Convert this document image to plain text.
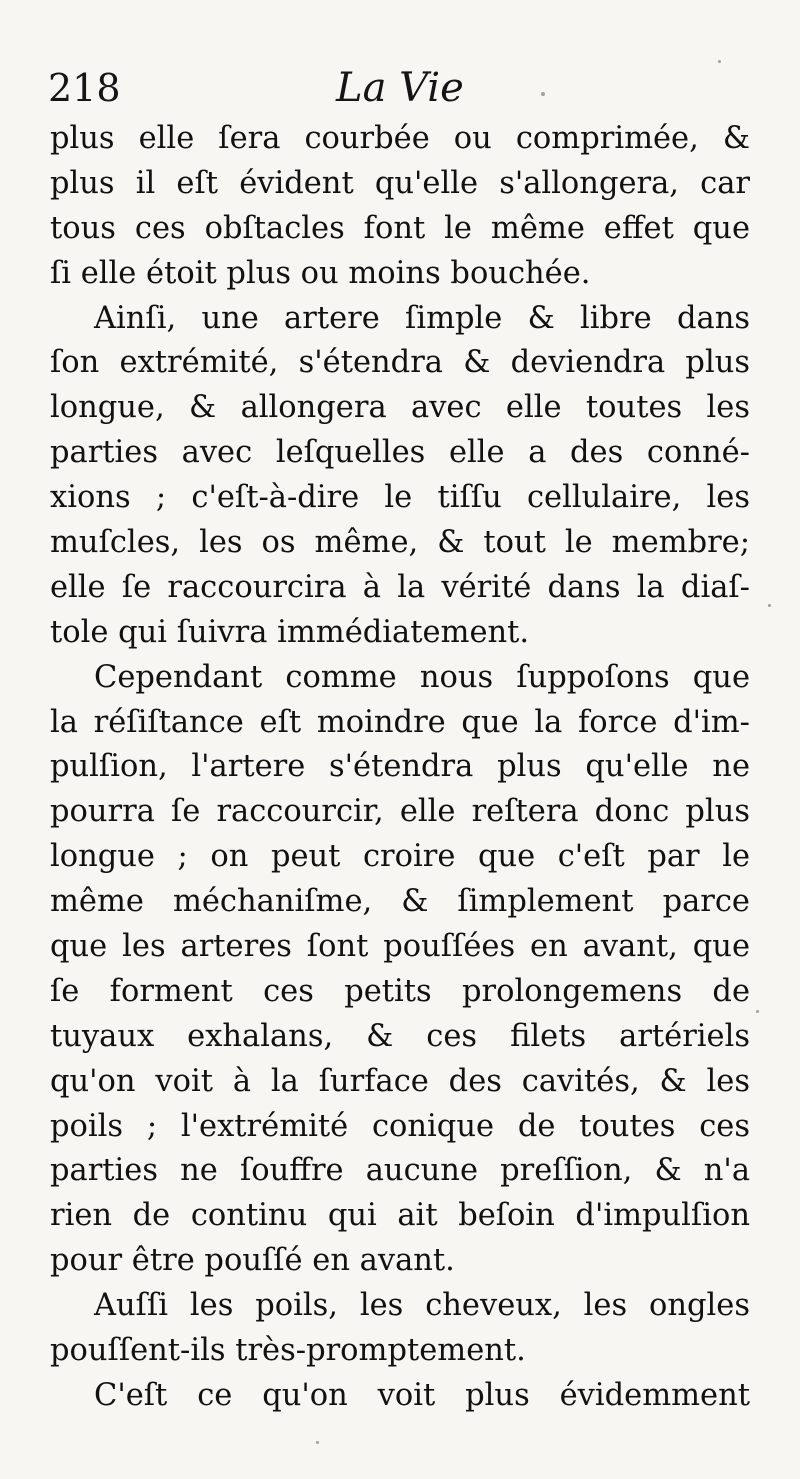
218	La Vie
plus elle ſera courbée ou comprimée, &
plus il eſt évident qu'elle s'allongera, car
tous ces obſtacles font le même effet que
ſi elle étoit plus ou moins bouchée.
Ainſi, une artere ſimple & libre dans
ſon extrémité, s'étendra & deviendra plus
longue, & allongera avec elle toutes les
parties avec leſquelles elle a des conné-
xions ; c'eſt-à-dire le tiſſu cellulaire, les
muſcles, les os même, & tout le membre;
elle ſe raccourcira à la vérité dans la diaſ-
tole qui ſuivra immédiatement.
Cependant comme nous ſuppoſons que
la réſiſtance eſt moindre que la force d'im-
pulſion, l'artere s'étendra plus qu'elle ne
pourra ſe raccourcir, elle reſtera donc plus
longue ; on peut croire que c'eſt par le
même méchaniſme, & ſimplement parce
que les arteres ſont pouſſées en avant, que
ſe forment ces petits prolongemens de
tuyaux exhalans, & ces filets artériels
qu'on voit à la ſurface des cavités, & les
poils ; l'extrémité conique de toutes ces
parties ne ſouffre aucune preſſion, & n'a
rien de continu qui ait beſoin d'impulſion
pour être pouſſé en avant.
Auſſi les poils, les cheveux, les ongles
pouſſent-ils très-promptement.
C'eſt ce qu'on voit plus évidemment
